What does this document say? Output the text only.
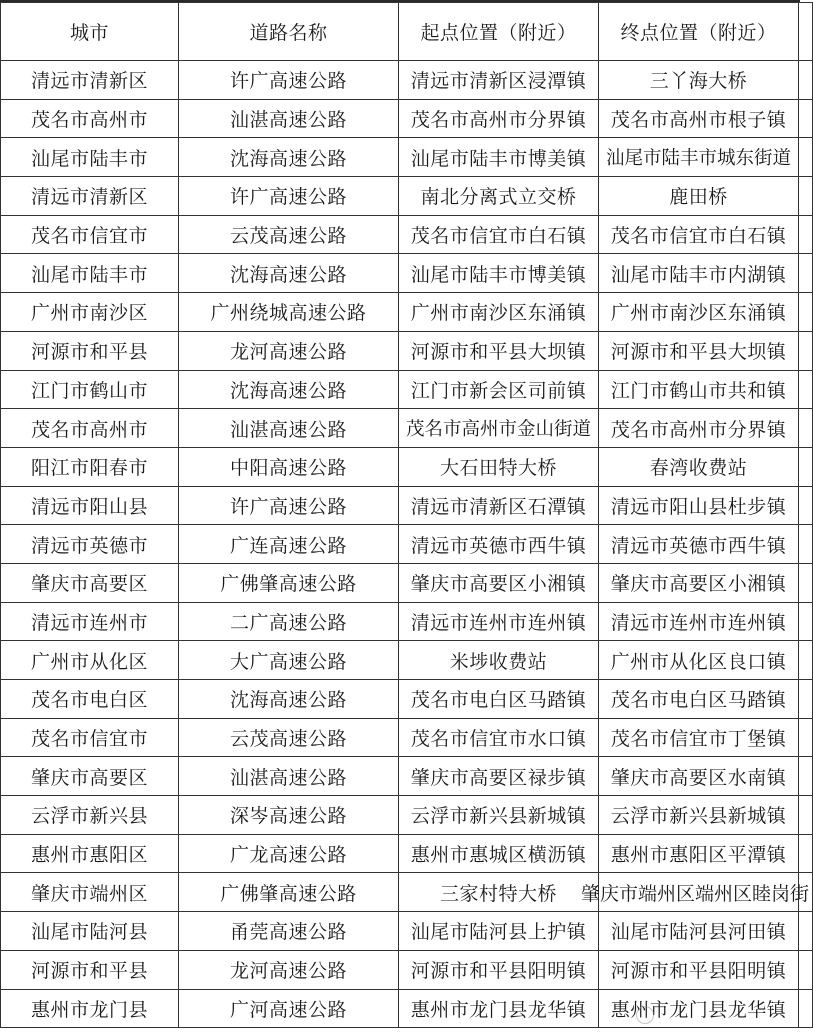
城市	道路名称	起点位置（附近）	终点位置（附近）	
清远市清新区	许广高速公路	清远市清新区浸潭镇	三丫海大桥	
茂名市高州市	汕湛高速公路	茂名市高州市分界镇	茂名市高州市根子镇	
汕尾市陆丰市	沈海高速公路	汕尾市陆丰市博美镇	汕尾市陆丰市城东街道	
清远市清新区	许广高速公路	南北分离式立交桥	鹿田桥	
茂名市信宜市	云茂高速公路	茂名市信宜市白石镇	茂名市信宜市白石镇	
汕尾市陆丰市	沈海高速公路	汕尾市陆丰市博美镇	汕尾市陆丰市内湖镇	
广州市南沙区	广州绕城高速公路	广州市南沙区东涌镇	广州市南沙区东涌镇	
河源市和平县	龙河高速公路	河源市和平县大坝镇	河源市和平县大坝镇	
江门市鹤山市	沈海高速公路	江门市新会区司前镇	江门市鹤山市共和镇	
茂名市高州市	汕湛高速公路	茂名市高州市金山街道	茂名市高州市分界镇	
阳江市阳春市	中阳高速公路	大石田特大桥	春湾收费站	
清远市阳山县	许广高速公路	清远市清新区石潭镇	清远市阳山县杜步镇	
清远市英德市	广连高速公路	清远市英德市西牛镇	清远市英德市西牛镇	
肇庆市高要区	广佛肇高速公路	肇庆市高要区小湘镇	肇庆市高要区小湘镇	
清远市连州市	二广高速公路	清远市连州市连州镇	清远市连州市连州镇	
广州市从化区	大广高速公路	米埗收费站	广州市从化区良口镇	
茂名市电白区	沈海高速公路	茂名市电白区马踏镇	茂名市电白区马踏镇	
茂名市信宜市	云茂高速公路	茂名市信宜市水口镇	茂名市信宜市丁堡镇	
肇庆市高要区	汕湛高速公路	肇庆市高要区禄步镇	肇庆市高要区水南镇	
云浮市新兴县	深岑高速公路	云浮市新兴县新城镇	云浮市新兴县新城镇	
惠州市惠阳区	广龙高速公路	惠州市惠城区横沥镇	惠州市惠阳区平潭镇	
肇庆市端州区	广佛肇高速公路	三家村特大桥	肇庆市端州区端州区睦岗街	
汕尾市陆河县	甬莞高速公路	汕尾市陆河县上护镇	汕尾市陆河县河田镇	
河源市和平县	龙河高速公路	河源市和平县阳明镇	河源市和平县阳明镇	
惠州市龙门县	广河高速公路	惠州市龙门县龙华镇	惠州市龙门县龙华镇	
